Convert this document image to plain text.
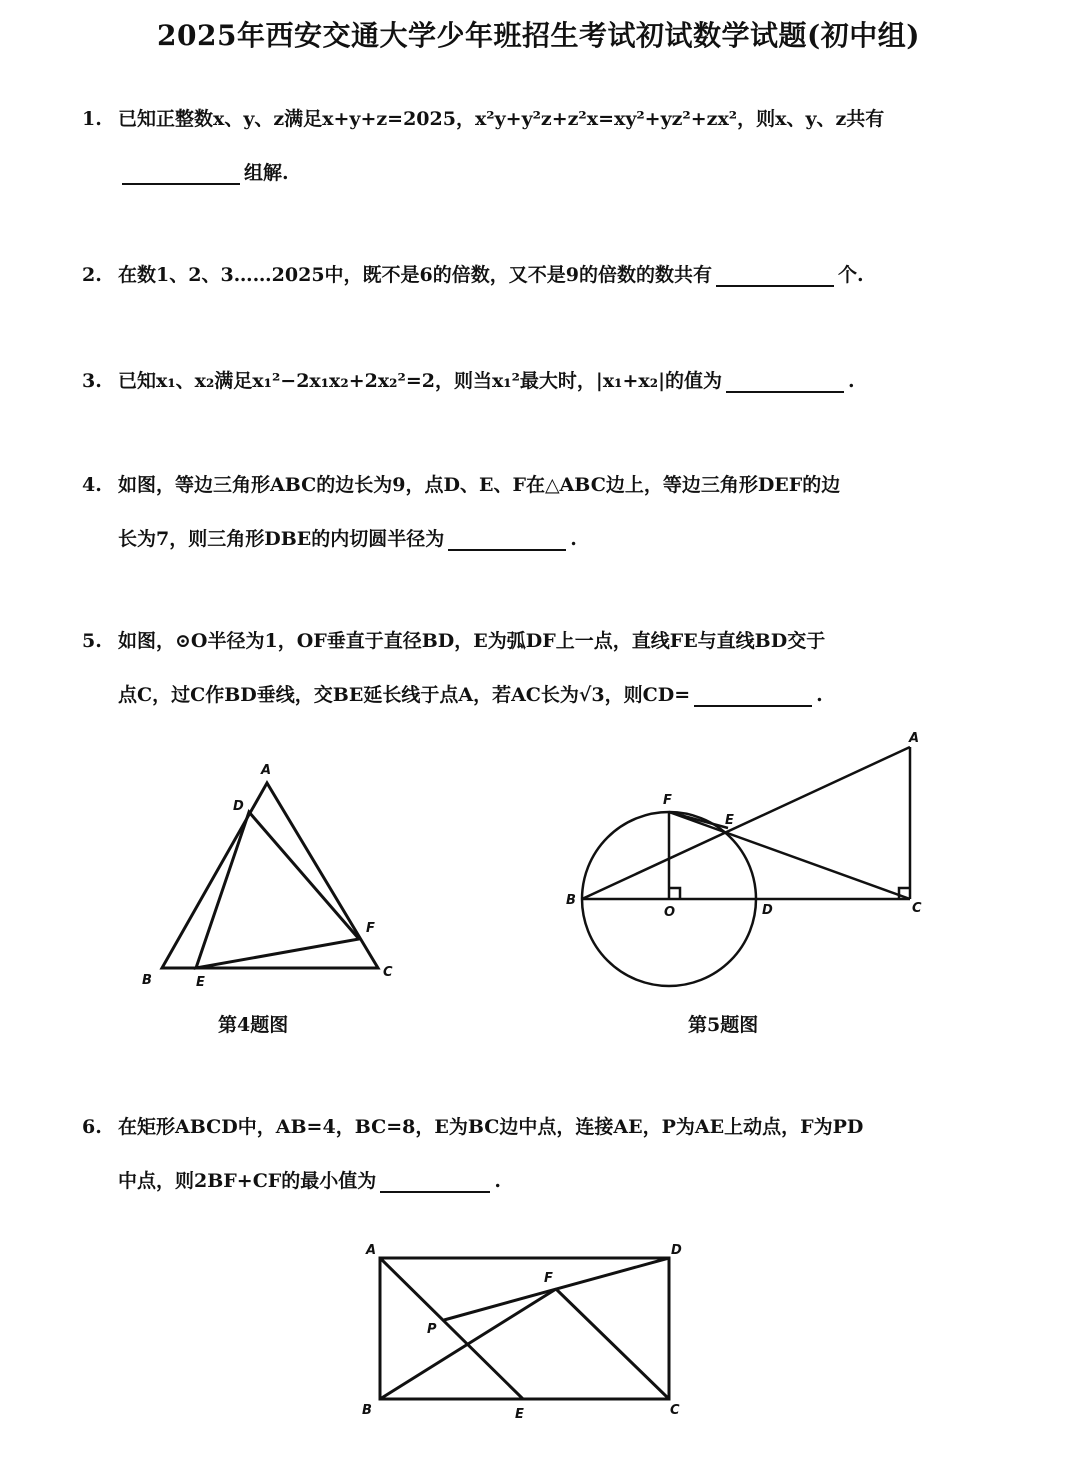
2025年西安交通大学少年班招生考试初试数学试题(初中组)
1. 已知正整数x、y、z满足x+y+z=2025，x²y+y²z+z²x=xy²+yz²+zx²，则x、y、z共有
组解.
2. 在数1、2、3……2025中，既不是6的倍数，又不是9的倍数的数共有	个.
3. 已知x₁、x₂满足x₁²−2x₁x₂+2x₂²=2，则当x₁²最大时，|x₁+x₂|的值为	.
4. 如图，等边三角形ABC的边长为9，点D、E、F在△ABC边上，等边三角形DEF的边
长为7，则三角形DBE的内切圆半径为	.
5. 如图，⊙O半径为1，OF垂直于直径BD，E为弧DF上一点，直线FE与直线BD交于
点C，过C作BD垂线，交BE延长线于点A，若AC长为√3，则CD=	.
A
D
F
B	E
C
第4题图
F
E
A
B
O	D	C
第5题图
6. 在矩形ABCD中，AB=4，BC=8，E为BC边中点，连接AE，P为AE上动点，F为PD
中点，则2BF+CF的最小值为	.
A	D
F
P
B	E	C
